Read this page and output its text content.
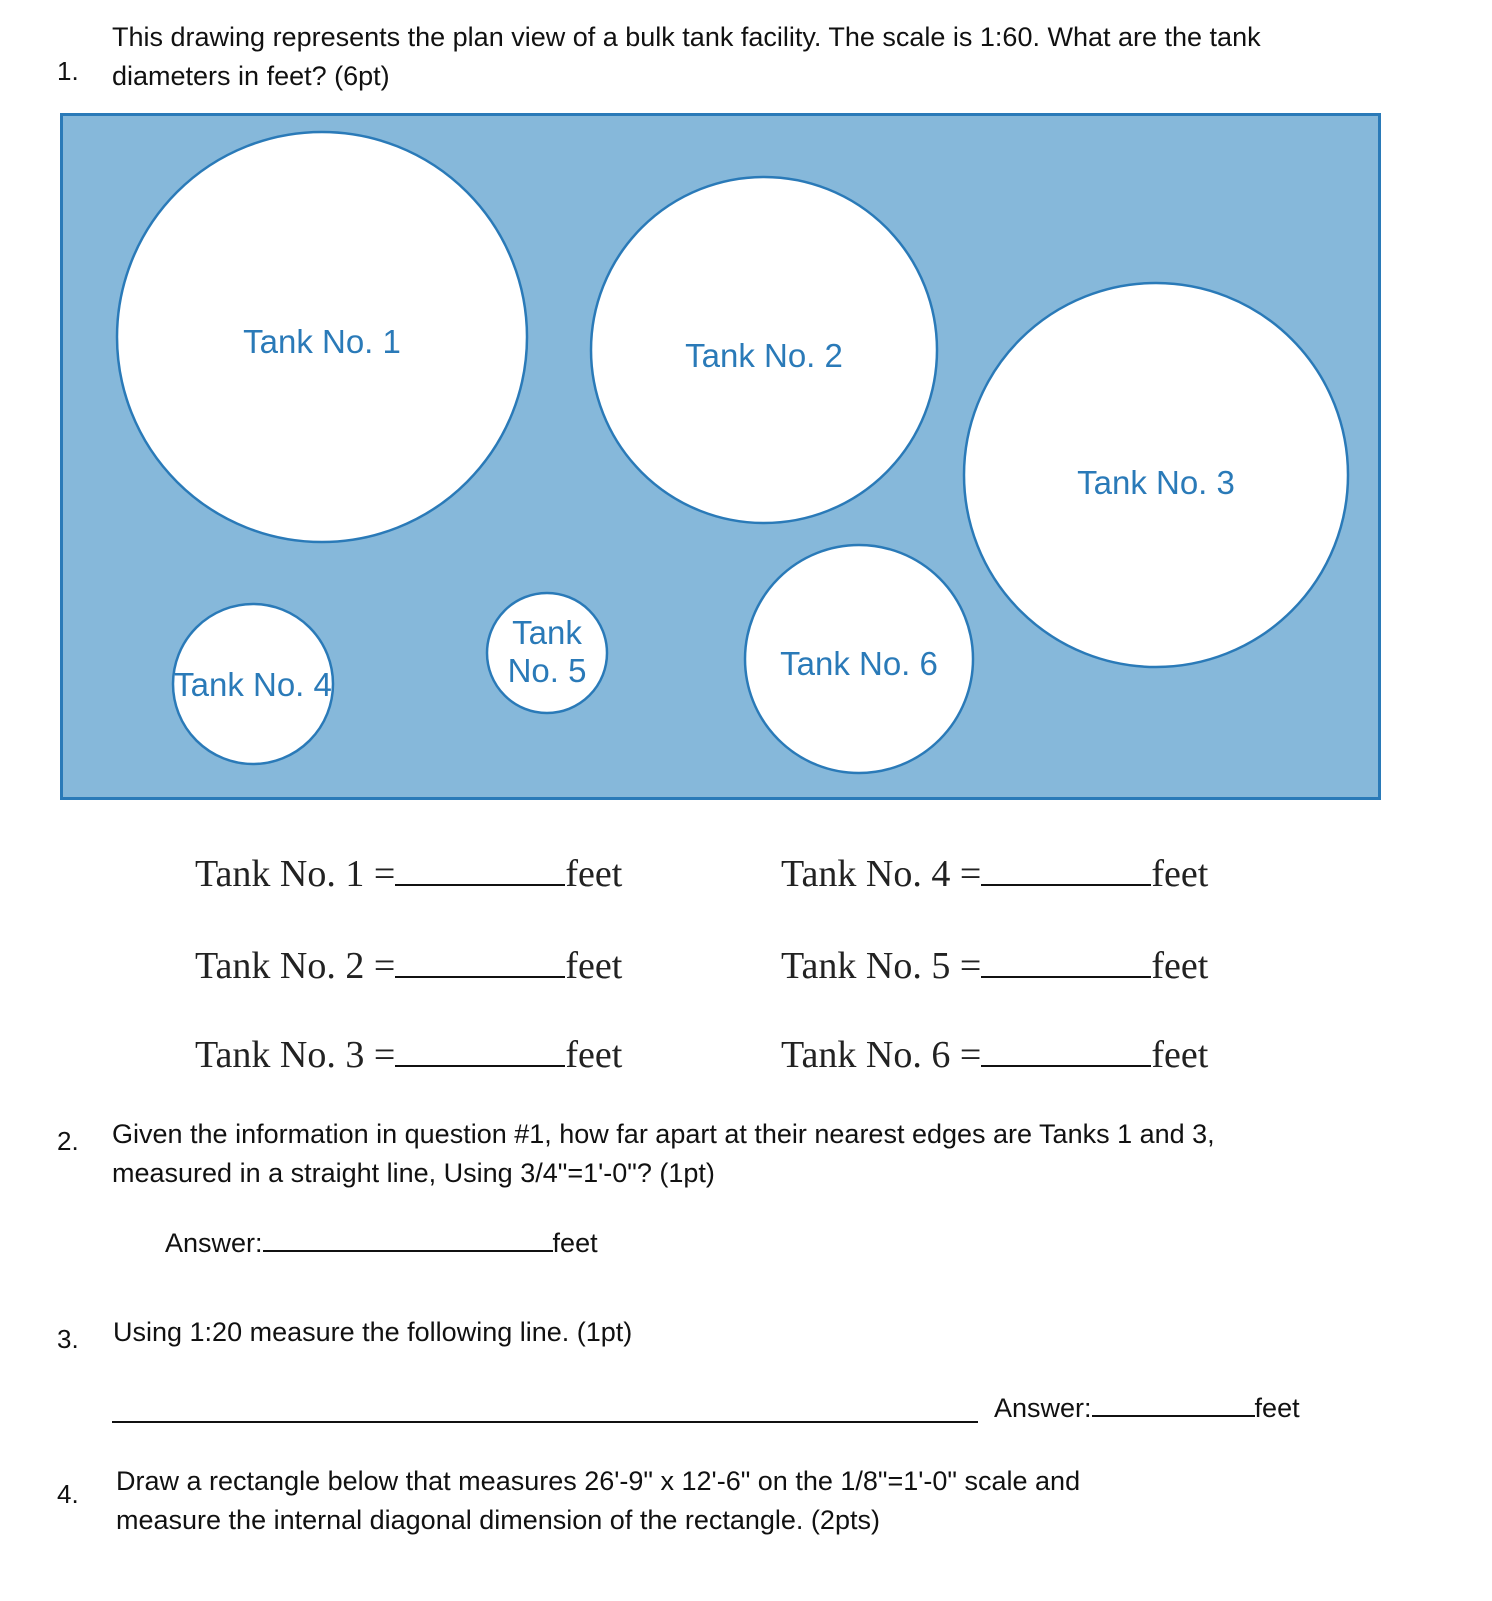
1.
This drawing represents the plan view of a bulk tank facility. The scale is 1:60. What are the tank
diameters in feet? (6pt)
Tank No. 1	Tank No. 2
Tank No. 3
Tank No. 4
Tank
No. 5	Tank No. 6
Tank No. 1 =	feet
Tank No. 2 =	feet
Tank No. 3 =	feet
Tank No. 4 =	feet
Tank No. 5 =	feet
Tank No. 6 =	feet
2. Given the information in question #1, how far apart at their nearest edges are Tanks 1 and 3,
measured in a straight line, Using 3/4"=1'-0"? (1pt)
Answer:	feet
3. Using 1:20 measure the following line. (1pt)
Answer:	feet
4. Draw a rectangle below that measures 26'-9" x 12'-6" on the 1/8"=1'-0" scale and
measure the internal diagonal dimension of the rectangle. (2pts)
